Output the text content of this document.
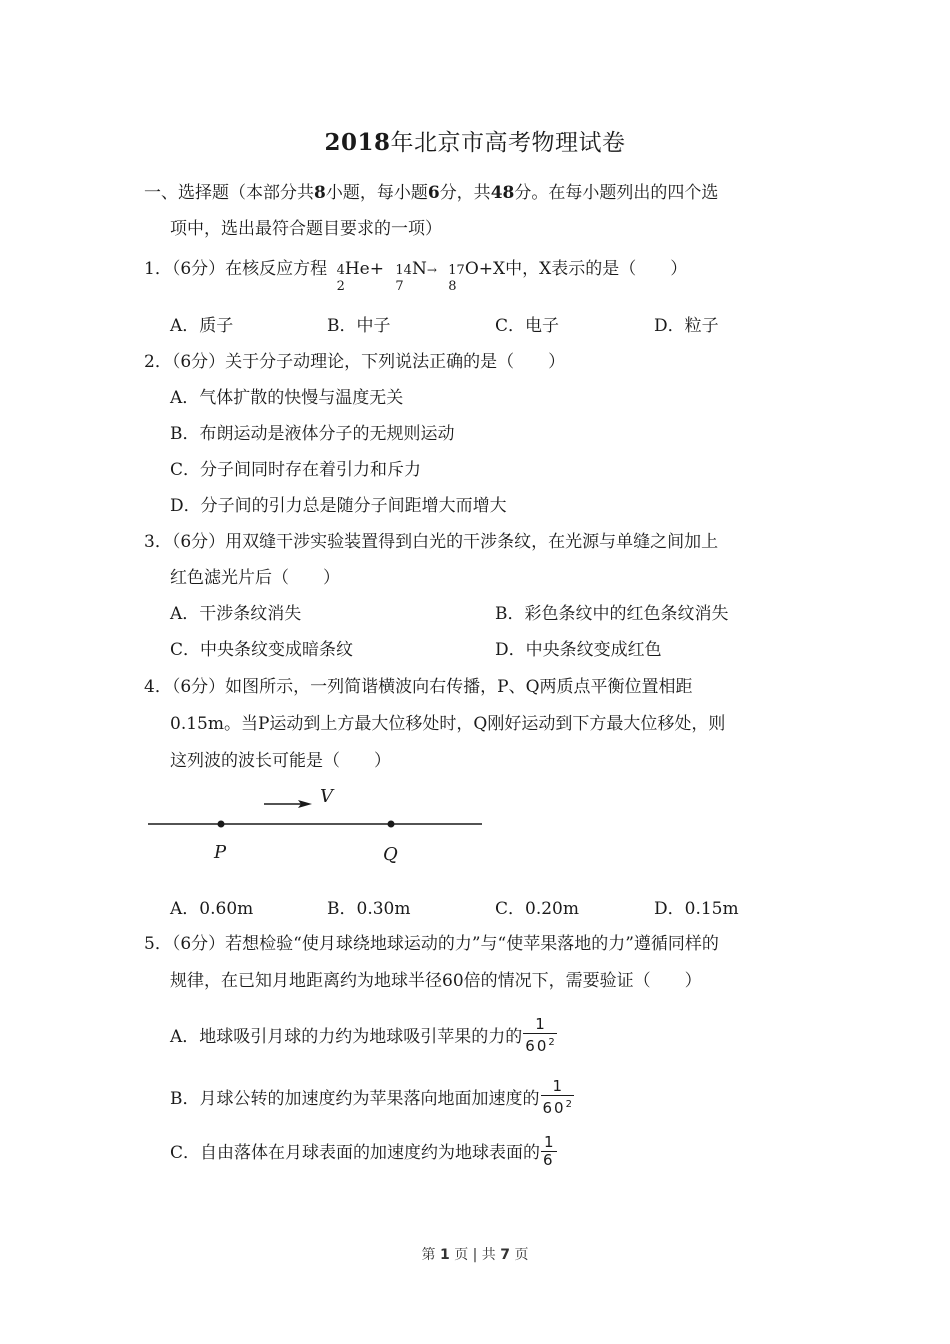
2018年北京市高考物理试卷
一、选择题（本部分共8小题，每小题6分，共48分。在每小题列出的四个选
项中，选出最符合题目要求的一项）
1．（6分）在核反应方程 4
2
He+ 14
7
N→ 17
8
O+X中，X表示的是（　　）
A．质子	B．中子	C．电子	D．粒子
2．（6分）关于分子动理论，下列说法正确的是（　　）
A．气体扩散的快慢与温度无关
B．布朗运动是液体分子的无规则运动
C．分子间同时存在着引力和斥力
D．分子间的引力总是随分子间距增大而增大
3．（6分）用双缝干涉实验装置得到白光的干涉条纹，在光源与单缝之间加上
红色滤光片后（　　）
A．干涉条纹消失	B．彩色条纹中的红色条纹消失
C．中央条纹变成暗条纹	D．中央条纹变成红色
4．（6分）如图所示，一列简谐横波向右传播，P、Q两质点平衡位置相距
0.15m。当P运动到上方最大位移处时，Q刚好运动到下方最大位移处，则
这列波的波长可能是（　　）
V
P	Q
A．0.60m	B．0.30m	C．0.20m	D．0.15m
5．（6分）若想检验“使月球绕地球运动的力”与“使苹果落地的力”遵循同样的
规律，在已知月地距离约为地球半径60倍的情况下，需要验证（　　）
A．地球吸引月球的力约为地球吸引苹果的力的 $\frac{1}{60^2}$
B．月球公转的加速度约为苹果落向地面加速度的 $\frac{1}{60^2}$
C．自由落体在月球表面的加速度约为地球表面的 $\frac{1}{6}$
第 1 页 | 共 7 页
